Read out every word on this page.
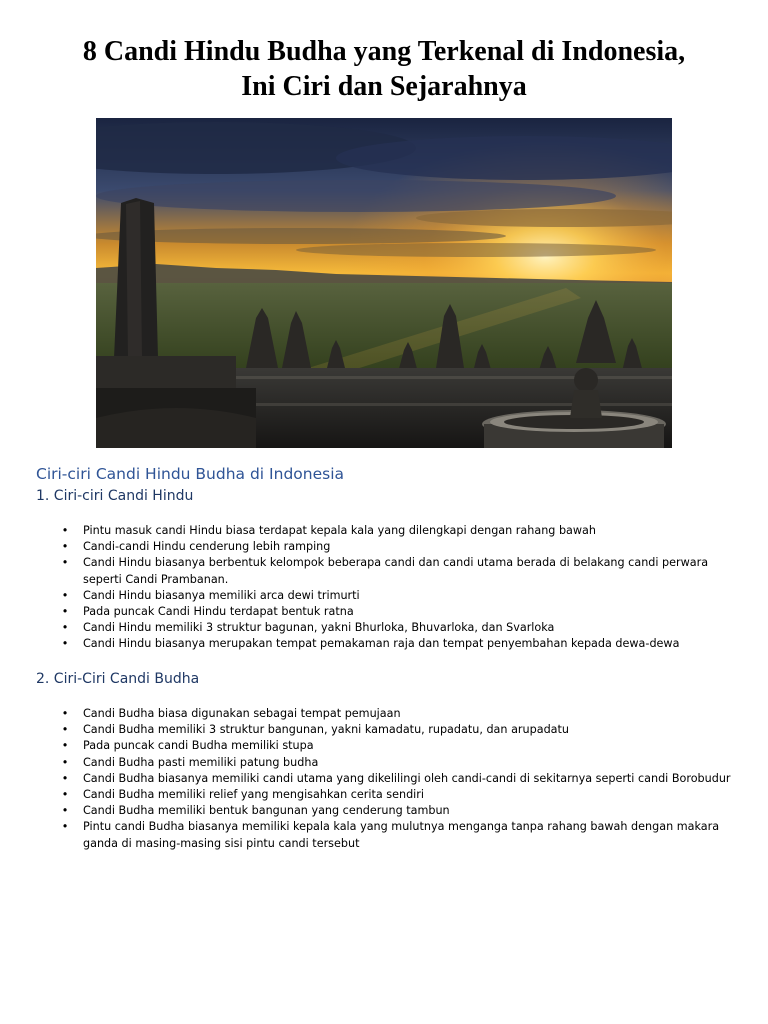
8 Candi Hindu Budha yang Terkenal di Indonesia,
Ini Ciri dan Sejarahnya
Ciri-ciri Candi Hindu Budha di Indonesia
1. Ciri-ciri Candi Hindu
• Pintu masuk candi Hindu biasa terdapat kepala kala yang dilengkapi dengan rahang bawah
• Candi-candi Hindu cenderung lebih ramping
• Candi Hindu biasanya berbentuk kelompok beberapa candi dan candi utama berada di belakang candi perwara seperti Candi Prambanan.
• Candi Hindu biasanya memiliki arca dewi trimurti
• Pada puncak Candi Hindu terdapat bentuk ratna
• Candi Hindu memiliki 3 struktur bagunan, yakni Bhurloka, Bhuvarloka, dan Svarloka
• Candi Hindu biasanya merupakan tempat pemakaman raja dan tempat penyembahan kepada dewa-dewa
2. Ciri-Ciri Candi Budha
• Candi Budha biasa digunakan sebagai tempat pemujaan
• Candi Budha memiliki 3 struktur bangunan, yakni kamadatu, rupadatu, dan arupadatu
• Pada puncak candi Budha memiliki stupa
• Candi Budha pasti memiliki patung budha
• Candi Budha biasanya memiliki candi utama yang dikelilingi oleh candi-candi di sekitarnya seperti candi Borobudur
• Candi Budha memiliki relief yang mengisahkan cerita sendiri
• Candi Budha memiliki bentuk bangunan yang cenderung tambun
• Pintu candi Budha biasanya memiliki kepala kala yang mulutnya menganga tanpa rahang bawah dengan makara ganda di masing-masing sisi pintu candi tersebut
